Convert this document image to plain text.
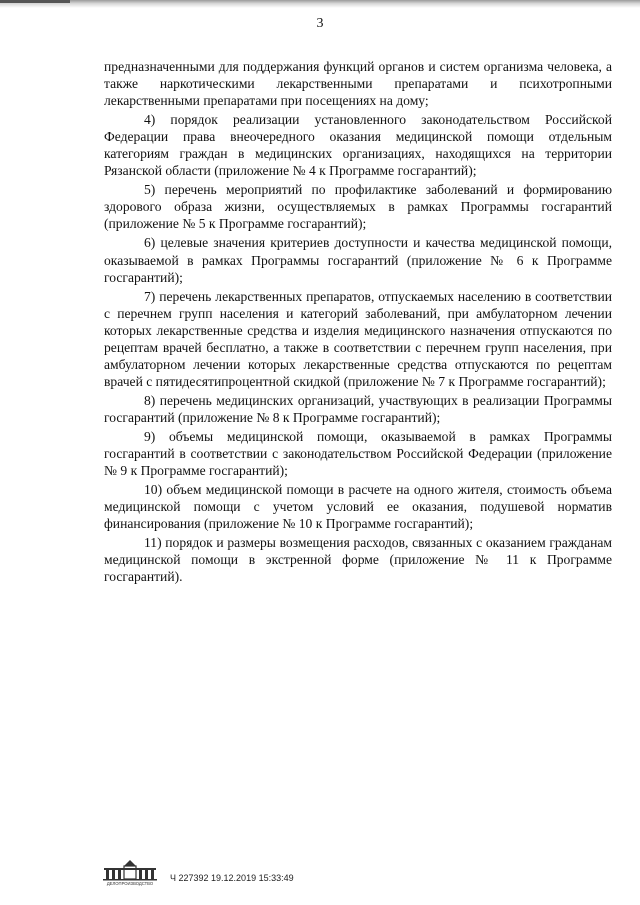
3

предназначенными для поддержания функций органов и систем организма человека, а также наркотическими лекарственными препаратами и психотропными лекарственными препаратами при посещениях на дому;

4) порядок реализации установленного законодательством Российской Федерации права внеочередного оказания медицинской помощи отдельным категориям граждан в медицинских организациях, находящихся на территории Рязанской области (приложение № 4 к Программе госгарантий);

5) перечень мероприятий по профилактике заболеваний и формированию здорового образа жизни, осуществляемых в рамках Программы госгарантий (приложение № 5 к Программе госгарантий);

6) целевые значения критериев доступности и качества медицинской помощи, оказываемой в рамках Программы госгарантий (приложение № 6 к Программе госгарантий);

7) перечень лекарственных препаратов, отпускаемых населению в соответствии с перечнем групп населения и категорий заболеваний, при амбулаторном лечении которых лекарственные средства и изделия медицинского назначения отпускаются по рецептам врачей бесплатно, а также в соответствии с перечнем групп населения, при амбулаторном лечении которых лекарственные средства отпускаются по рецептам врачей с пятидесятипроцентной скидкой (приложение № 7 к Программе госгарантий);

8) перечень медицинских организаций, участвующих в реализации Программы госгарантий (приложение № 8 к Программе госгарантий);

9) объемы медицинской помощи, оказываемой в рамках Программы госгарантий в соответствии с законодательством Российской Федерации (приложение № 9 к Программе госгарантий);

10) объем медицинской помощи в расчете на одного жителя, стоимость объема медицинской помощи с учетом условий ее оказания, подушевой норматив финансирования (приложение № 10 к Программе госгарантий);

11) порядок и размеры возмещения расходов, связанных с оказанием гражданам медицинской помощи в экстренной форме (приложение № 11 к Программе госгарантий).

ДЕЛОПРОИЗВОДСТВО
Ч 227392 19.12.2019 15:33:49
